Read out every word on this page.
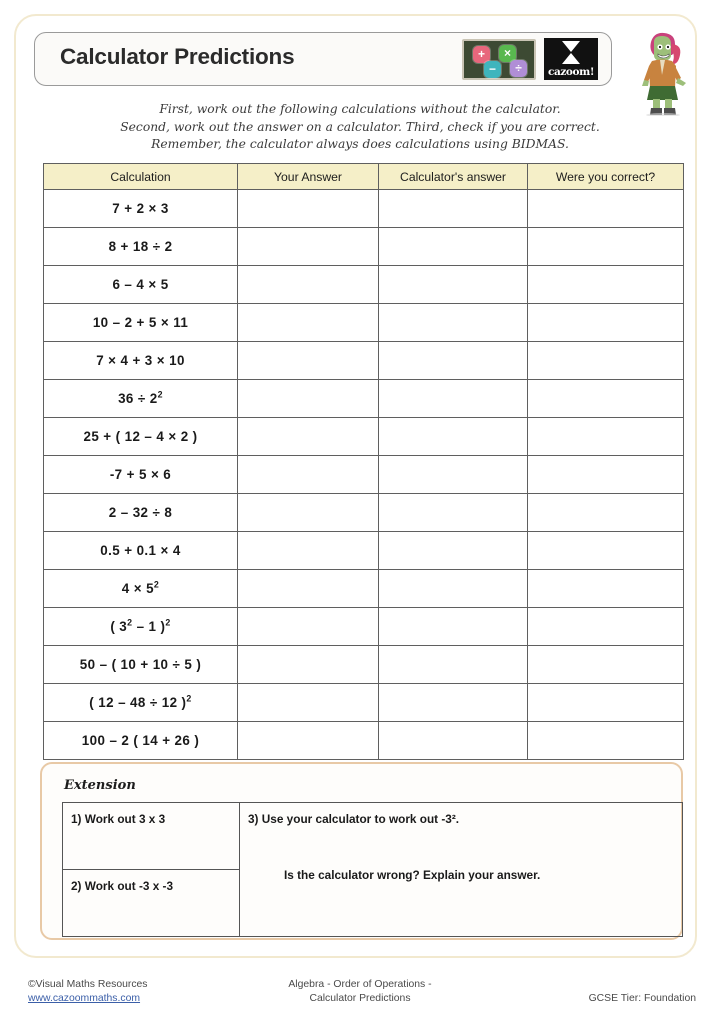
Calculator Predictions	+	×
−	÷	cazoom!
First, work out the following calculations without the calculator.
Second, work out the answer on a calculator. Third, check if you are correct.
Remember, the calculator always does calculations using BIDMAS.
Calculation	Your Answer	Calculator's answer	Were you correct?
7 + 2 × 3			
8 + 18 ÷ 2			
6 – 4 × 5			
10 – 2 + 5 × 11			
7 × 4 + 3 × 10			
$36 \div 2^2$			
25 + ( 12 – 4 × 2 )			
-7 + 5 × 6			
2 – 32 ÷ 8			
0.5 + 0.1 × 4			
$4 \times 5^2$			
( $3^2 - 1$ )$^2$			
50 – ( 10 + 10 ÷ 5 )			
( 12 – 48 ÷ 12 )$^2$			
100 – 2 ( 14 + 26 )			
Extension
1) Work out 3 x 3	3) Use your calculator to work out -3².
Is the calculator wrong? Explain your answer.

2) Work out -3 x -3
©Visual Maths Resources
www.cazoommaths.com
Algebra - Order of Operations -
Calculator Predictions	GCSE Tier: Foundation
